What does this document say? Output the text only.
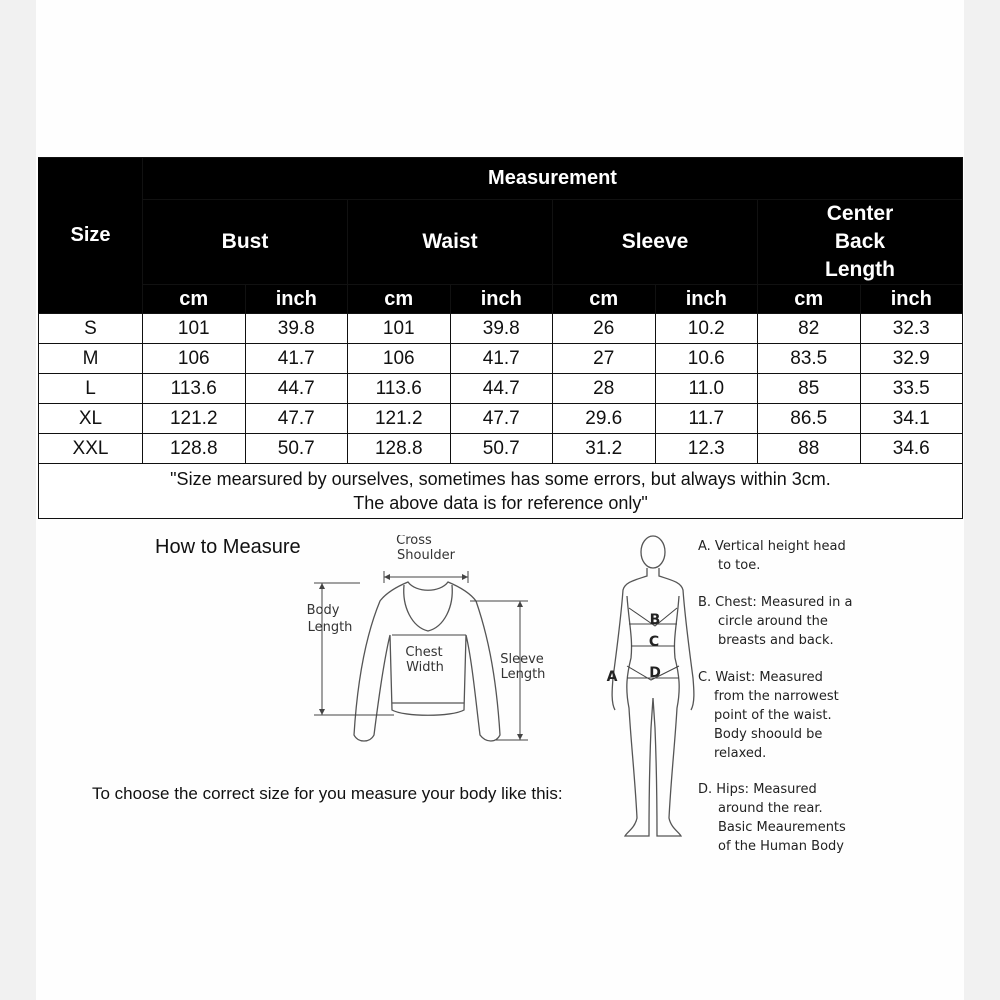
Size	Measurement							
	Bust		Waist		Sleeve		Center Back Length	
	cm	inch	cm	inch	cm	inch	cm	inch
S	101	39.8	101	39.8	26	10.2	82	32.3
M	106	41.7	106	41.7	27	10.6	83.5	32.9
L	113.6	44.7	113.6	44.7	28	11.0	85	33.5
XL	121.2	47.7	121.2	47.7	29.6	11.7	86.5	34.1
XXL	128.8	50.7	128.8	50.7	31.2	12.3	88	34.6

"Size mearsured by ourselves, sometimes has some errors, but always within 3cm.
The above data is for reference only"								
How to Measure
To choose the correct size for you measure your body like this:
Cross
Shoulder
Body
Length
Chest
Width
Sleeve
Length
B
C
D
A
A. Vertical height head
to toe.
B. Chest: Measured in a
circle around the
breasts and back.
C. Waist: Measured
from the narrowest
point of the waist.
Body shoould be
relaxed.
D. Hips: Measured
around the rear.
Basic Meaurements
of the Human Body
